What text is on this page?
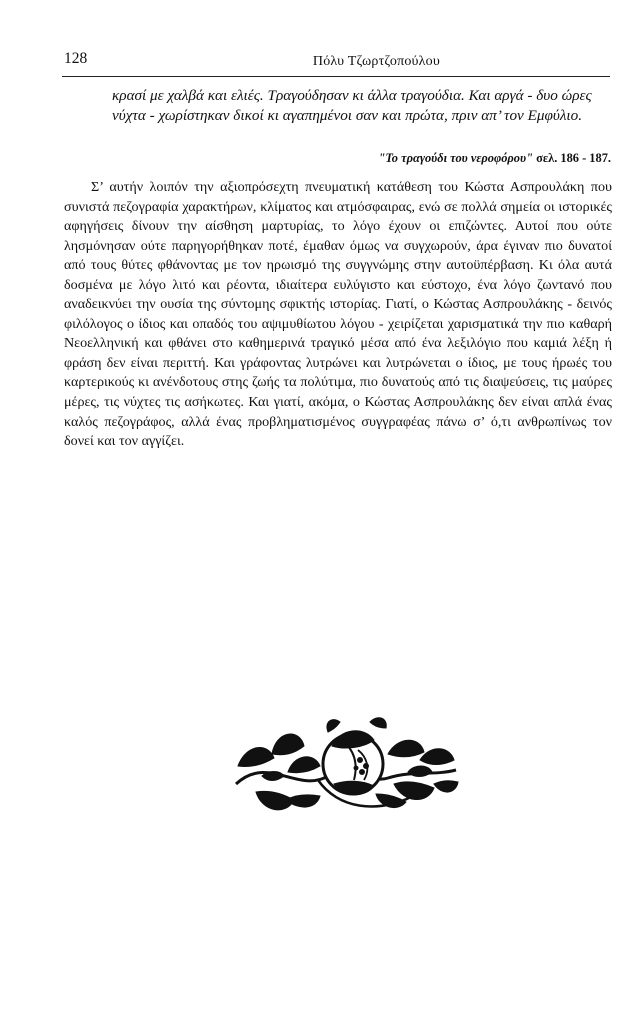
128	Πόλυ Τζωρτζοπούλου

κρασί με χαλβά και ελιές. Τραγούδησαν κι άλλα τραγούδια. Και αργά - δυο ώρες νύχτα - χωρίστηκαν δικοί κι αγαπημένοι σαν και πρώτα, πριν απ’ τον Εμφύλιο.

"Το τραγούδι του νεροφόρου" σελ. 186 - 187.

Σ’ αυτήν λοιπόν την αξιοπρόσεχτη πνευματική κατάθεση του Κώστα Ασπρουλάκη που συνιστά πεζογραφία χαρακτήρων, κλίματος και ατμόσφαιρας, ενώ σε πολλά σημεία οι ιστορικές αφηγήσεις δίνουν την αίσθηση μαρτυρίας, το λόγο έχουν οι επιζώντες. Αυτοί που ούτε λησμόνησαν ούτε παρηγορήθηκαν ποτέ, έμαθαν όμως να συγχωρούν, άρα έγιναν πιο δυνατοί από τους θύτες φθάνοντας με τον ηρωισμό της συγγνώμης στην αυτοϋπέρβαση. Κι όλα αυτά δοσμένα με λόγο λιτό και ρέοντα, ιδιαίτερα ευλύγιστο και εύστοχο, ένα λόγο ζωντανό που αναδεικνύει την ουσία της σύντομης σφικτής ιστορίας. Γιατί, ο Κώστας Ασπρουλάκης - δεινός φιλόλογος ο ίδιος και οπαδός του αψιμυθίωτου λόγου - χειρίζεται χαρισματικά την πιο καθαρή Νεοελληνική και φθάνει στο καθημερινά τραγικό μέσα από ένα λεξιλόγιο που καμιά λέξη ή φράση δεν είναι περιττή. Και γράφοντας λυτρώνει και λυτρώνεται ο ίδιος, με τους ήρωές του καρτερικούς κι ανένδοτους στης ζωής τα πολύτιμα, πιο δυνατούς από τις διαψεύσεις, τις μαύρες μέρες, τις νύχτες τις ασήκωτες. Και γιατί, ακόμα, ο Κώστας Ασπρουλάκης δεν είναι απλά ένας καλός πεζογράφος, αλλά ένας προβληματισμένος συγγραφέας πάνω σ’ ό,τι ανθρωπίνως τον δονεί και τον αγγίζει.
